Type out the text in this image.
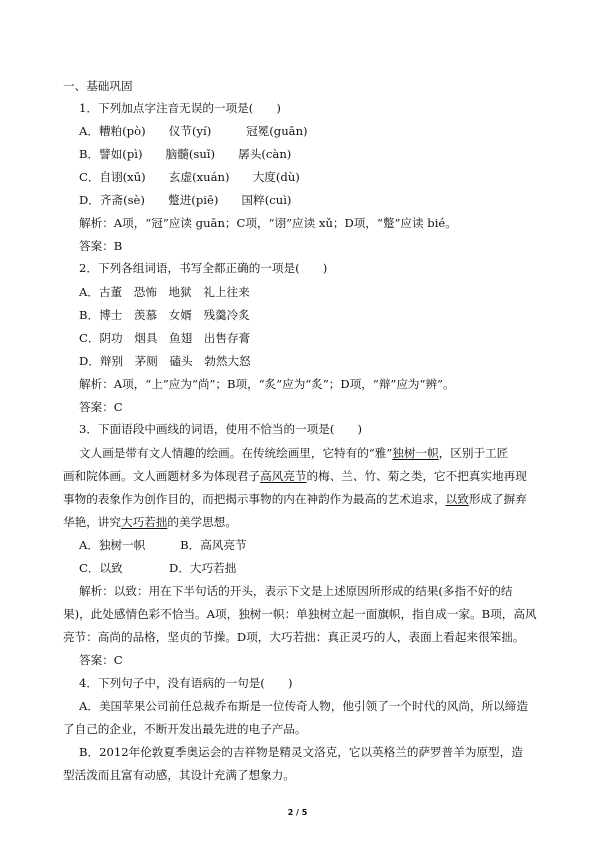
一、基础巩固
1．下列加点字注音无误的一项是(　　)
A．糟粕(pò)　　仪节(yí)　　　冠冕(guān)
B．譬如(pì)　　脑髓(suǐ)　　孱头(càn)
C．自诩(xū)　　玄虚(xuán)　　大度(dù)
D．齐斋(sè)　　蹩进(piē)　　国粹(cuì)
解析：A项，“冠”应读 guān；C项，“诩”应读 xǔ；D项，“蹩”应读 bié。
答案：B
2．下列各组词语，书写全都正确的一项是(　　)
A．古董　恐怖　地狱　礼上往来
B．博士　羡慕　女婿　残羹冷炙
C．阴功　烟具　鱼翅　出售存膏
D．辩别　茅厕　磕头　勃然大怒
解析：A项，“上”应为“尚”；B项，“炙”应为“炙”；D项，“辩”应为“辨”。
答案：C
3．下面语段中画线的词语，使用不恰当的一项是(　　)
文人画是带有文人情趣的绘画。在传统绘画里，它特有的“雅”独树一帜，区别于工匠
画和院体画。文人画题材多为体现君子高风亮节的梅、兰、竹、菊之类，它不把真实地再现
事物的表象作为创作目的，而把揭示事物的内在神韵作为最高的艺术追求，以致形成了摒弃
华艳，讲究大巧若拙的美学思想。
A．独树一帜　　　B．高风亮节
C．以致　　　　D．大巧若拙
解析：以致：用在下半句话的开头，表示下文是上述原因所形成的结果(多指不好的结
果)，此处感情色彩不恰当。A项，独树一帜：单独树立起一面旗帜，指自成一家。B项，高风
亮节：高尚的品格，坚贞的节操。D项，大巧若拙：真正灵巧的人，表面上看起来很笨拙。
答案：C
4．下列句子中，没有语病的一句是(　　)
A．美国苹果公司前任总裁乔布斯是一位传奇人物，他引领了一个时代的风尚，所以缔造
了自己的企业，不断开发出最先进的电子产品。
B．2012年伦敦夏季奥运会的吉祥物是精灵文洛克，它以英格兰的萨罗普羊为原型，造
型活泼而且富有动感，其设计充满了想象力。
2 / 5
